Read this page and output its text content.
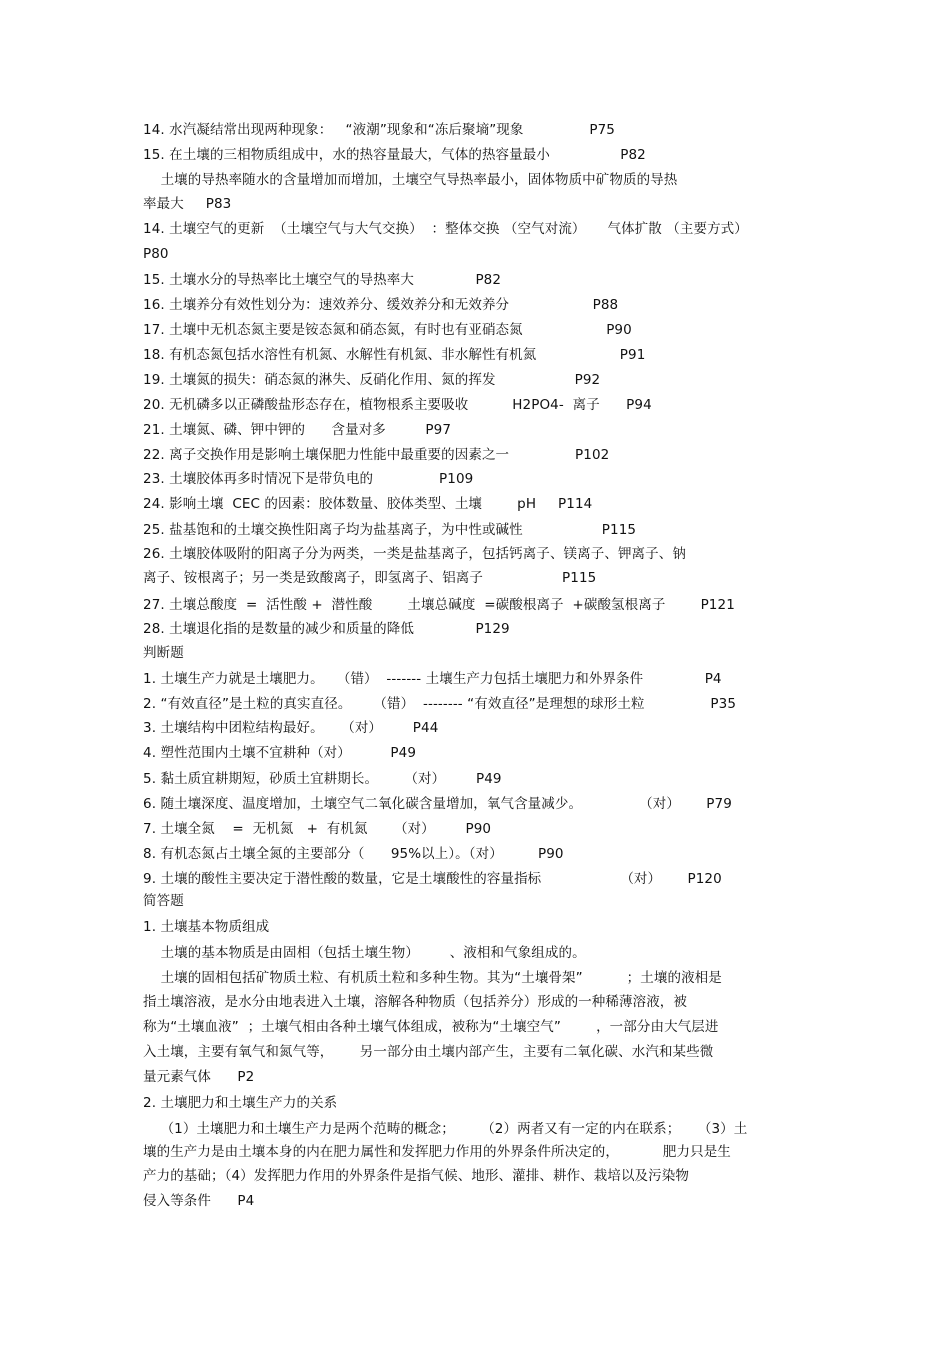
14. 水汽凝结常出现两种现象：   “液潮”现象和“冻后聚墒”现象               P75
15. 在土壤的三相物质组成中，水的热容量最大，气体的热容量最小                P82
土壤的导热率随水的含量增加而增加，土壤空气导热率最小，固体物质中矿物质的导热
率最大     P83
14. 土壤空气的更新  （土壤空气与大气交换）  ：整体交换 （空气对流）     气体扩散 （主要方式）
P80
15. 土壤水分的导热率比土壤空气的导热率大              P82
16. 土壤养分有效性划分为：速效养分、缓效养分和无效养分                   P88
17. 土壤中无机态氮主要是铵态氮和硝态氮，有时也有亚硝态氮                   P90
18. 有机态氮包括水溶性有机氮、水解性有机氮、非水解性有机氮                   P91
19. 土壤氮的损失：硝态氮的淋失、反硝化作用、氮的挥发                  P92
20. 无机磷多以正磷酸盐形态存在，植物根系主要吸收          H2PO4-  离子      P94
21. 土壤氮、磷、钾中钾的      含量对多         P97
22. 离子交换作用是影响土壤保肥力性能中最重要的因素之一               P102
23. 土壤胶体再多时情况下是带负电的               P109
24. 影响土壤  CEC 的因素：胶体数量、胶体类型、土壤        pH     P114
25. 盐基饱和的土壤交换性阳离子均为盐基离子，为中性或碱性                  P115
26. 土壤胶体吸附的阳离子分为两类，一类是盐基离子，包括钙离子、镁离子、钾离子、钠
离子、铵根离子；另一类是致酸离子，即氢离子、铝离子                  P115
27. 土壤总酸度  =  活性酸 +  潜性酸        土壤总碱度  =碳酸根离子  +碳酸氢根离子        P121
28. 土壤退化指的是数量的减少和质量的降低              P129
判断题
1. 土壤生产力就是土壤肥力。   （错）  ------- 土壤生产力包括土壤肥力和外界条件              P4
2. “有效直径”是土粒的真实直径。     （错）  -------- “有效直径”是理想的球形土粒               P35
3. 土壤结构中团粒结构最好。    （对）       P44
4. 塑性范围内土壤不宜耕种（对）         P49
5. 黏土质宜耕期短，砂质土宜耕期长。      （对）       P49
6. 随土壤深度、温度增加，土壤空气二氧化碳含量增加，氧气含量减少。             （对）      P79
7. 土壤全氮    =  无机氮   +  有机氮      （对）       P90
8. 有机态氮占土壤全氮的主要部分（      95%以上）。（对）        P90
9. 土壤的酸性主要决定于潜性酸的数量，它是土壤酸性的容量指标                  （对）      P120
简答题
1. 土壤基本物质组成
土壤的基本物质是由固相（包括土壤生物）       、液相和气象组成的。
土壤的固相包括矿物质土粒、有机质土粒和多种生物。其为“土壤骨架”          ；土壤的液相是
指土壤溶液，是水分由地表进入土壤，溶解各种物质（包括养分）形成的一种稀薄溶液，被
称为“土壤血液”  ；土壤气相由各种土壤气体组成，被称为“土壤空气”        ，一部分由大气层进
入土壤，主要有氧气和氮气等，      另一部分由土壤内部产生，主要有二氧化碳、水汽和某些微
量元素气体      P2
2. 土壤肥力和土壤生产力的关系
（1）土壤肥力和土壤生产力是两个范畴的概念；      （2）两者又有一定的内在联系；    （3）土
壤的生产力是由土壤本身的内在肥力属性和发挥肥力作用的外界条件所决定的，          肥力只是生
产力的基础；（4）发挥肥力作用的外界条件是指气候、地形、灌排、耕作、栽培以及污染物
侵入等条件      P4
